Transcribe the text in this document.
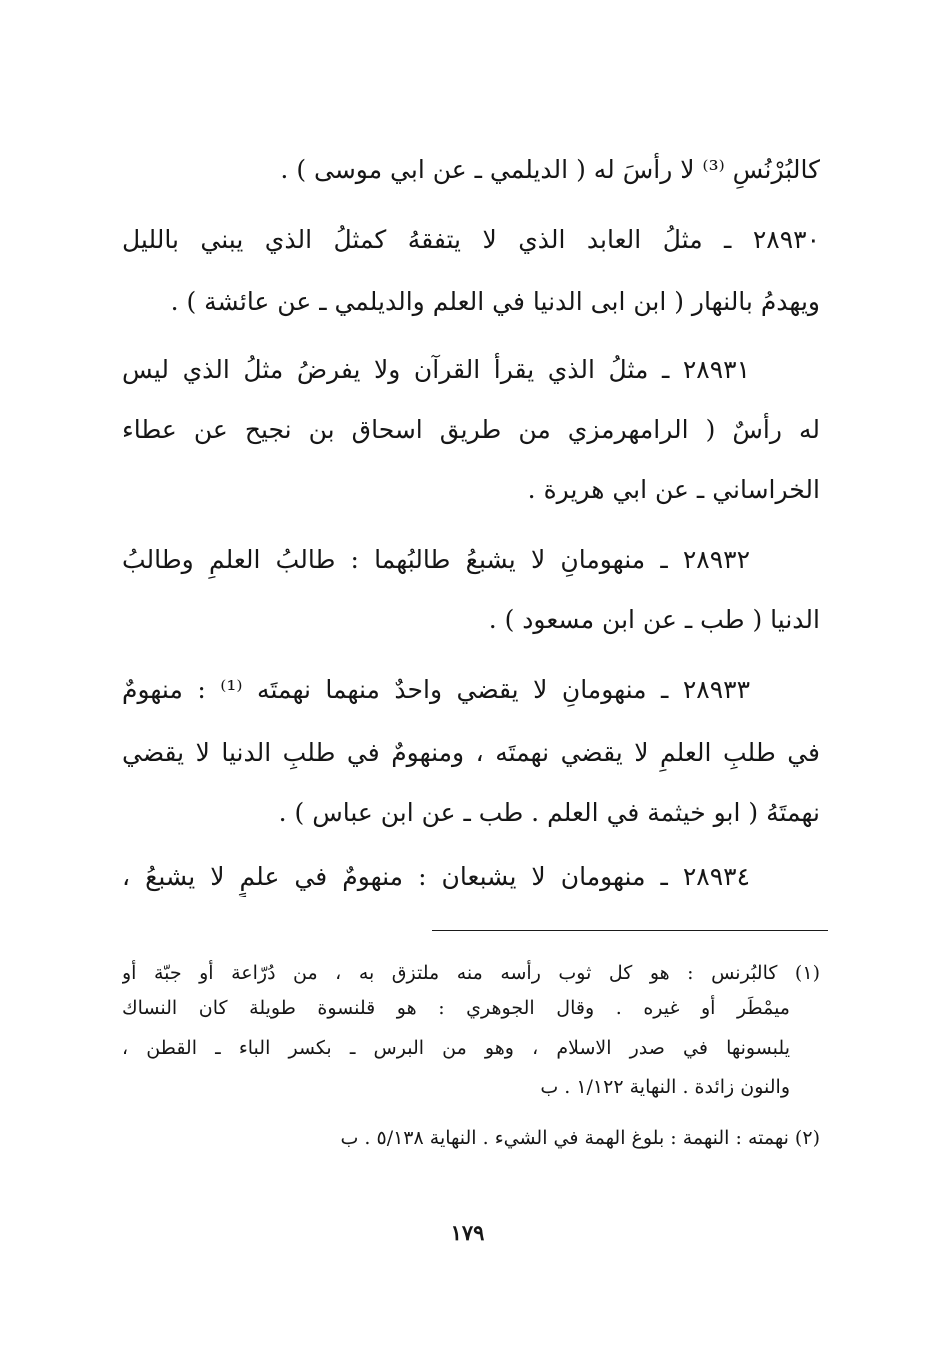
كالبُرْنُسِ ⁽³⁾ لا رأسَ له ( الديلمي ـ عن ابي موسى ) .
٢٨٩٣٠ ـ مثلُ العابد الذي لا يتفقهُ كمثلُ الذي يبني بالليل
ويهدمُ بالنهار ( ابن ابى الدنيا في العلم والديلمي ـ عن عائشة ) .
٢٨٩٣١ ـ مثلُ الذي يقرأ القرآن ولا يفرضُ مثلُ الذي ليس
له رأسٌ ( الرامهرمزي من طريق اسحاق بن نجيح عن عطاء
الخراساني ـ عن ابي هريرة .
٢٨٩٣٢ ـ منهومانِ لا يشبعُ طالبُهما : طالبُ العلمِ وطالبُ
الدنيا ( طب ـ عن ابن مسعود ) .
٢٨٩٣٣ ـ منهومانِ لا يقضي واحدٌ منهما نهمتَه ⁽¹⁾ : منهومٌ
في طلبِ العلمِ لا يقضي نهمتَه ، ومنهومٌ في طلبِ الدنيا لا يقضي
نهمتَهُ ( ابو خيثمة في العلم . طب ـ عن ابن عباس ) .
٢٨٩٣٤ ـ منهومان لا يشبعان : منهومٌ في علمٍ لا يشبعُ ،
(١) كالبُرنس : هو كل ثوب رأسه منه ملتزق به ، من دُرّاعة أو جبّة أو
ميمْطَر أو غيره . وقال الجوهري : هو قلنسوة طويلة كان النساك
يلبسونها في صدر الاسلام ، وهو من البرس ـ بكسر الباء ـ القطن ،
والنون زائدة . النهاية ١/١٢٢ . ب
(٢) نهمته : النهمة : بلوغ الهمة في الشيء . النهاية ٥/١٣٨ . ب
١٧٩
